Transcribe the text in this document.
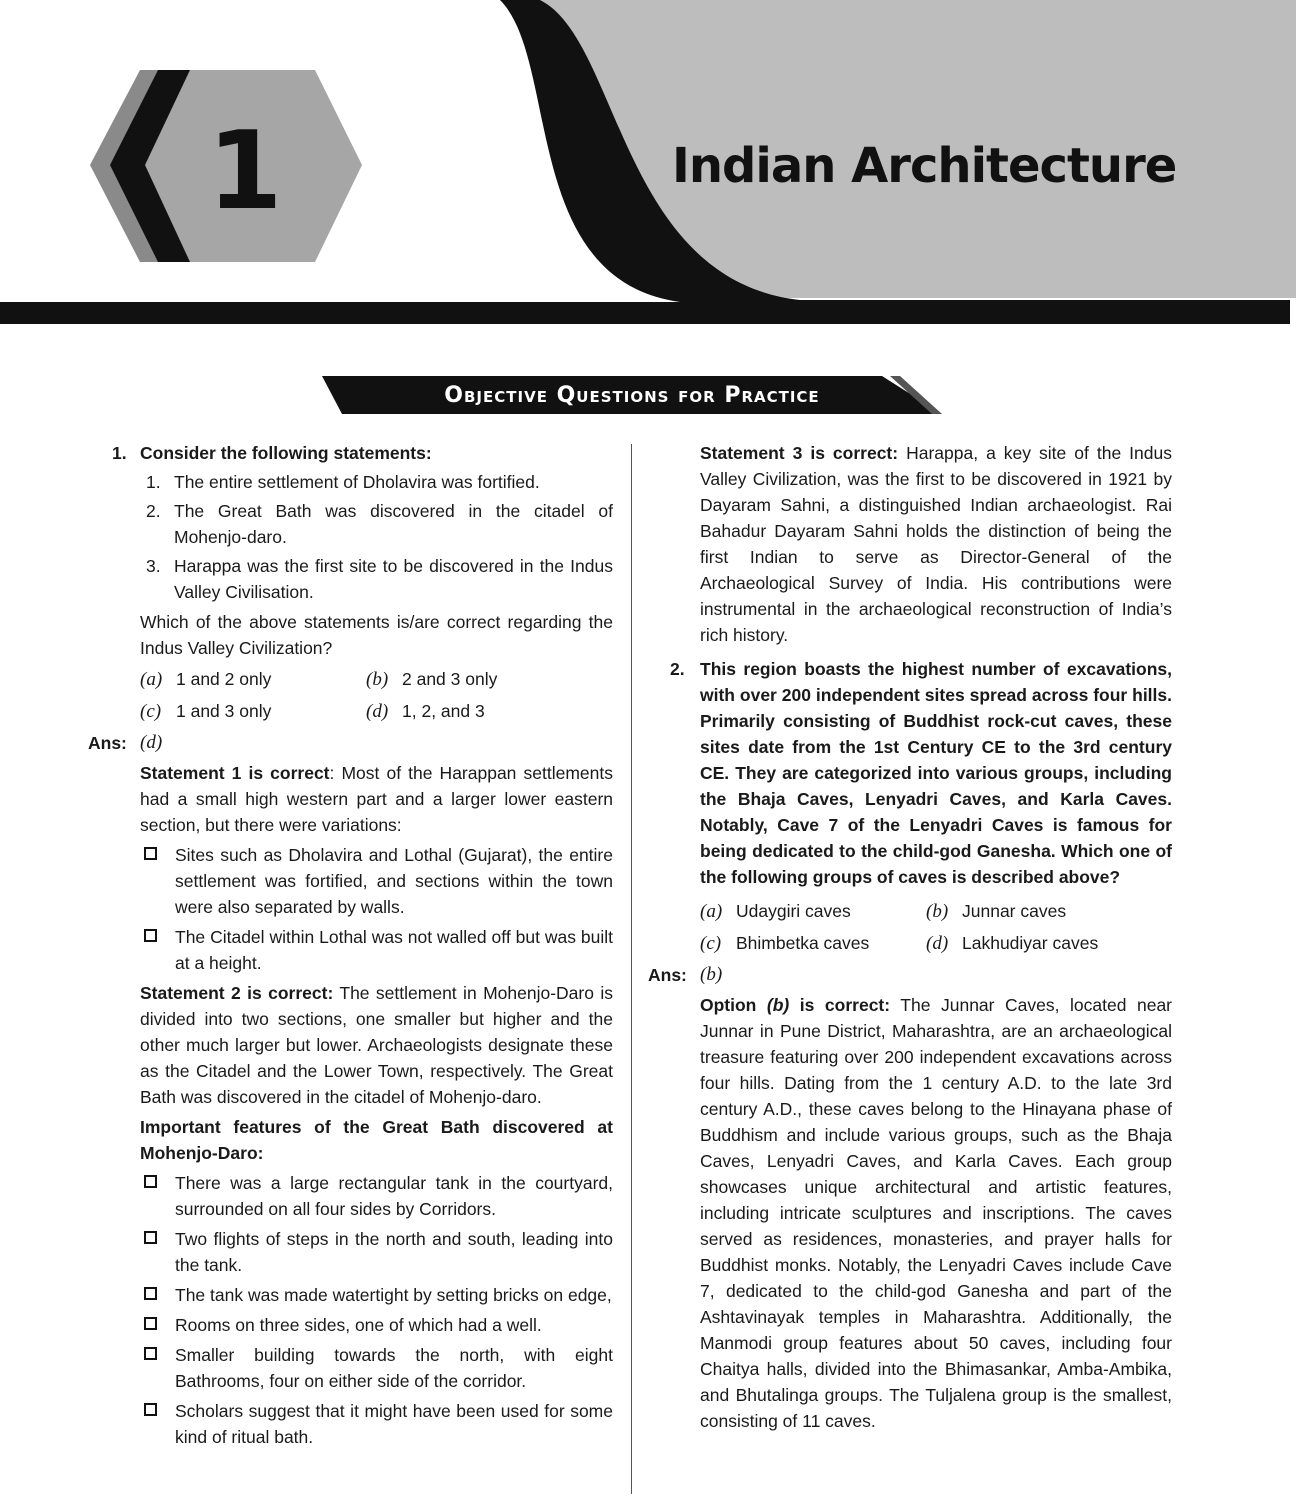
1	Indian Architecture
Objective Questions for Practice
1. Consider the following statements:
1. The entire settlement of Dholavira was fortified.
2. The Great Bath was discovered in the citadel of Mohenjo-daro.
3. Harappa was the first site to be discovered in the Indus Valley Civilisation.
Which of the above statements is/are correct regarding the Indus Valley Civilization?
(a) 1 and 2 only	(b) 2 and 3 only
(c) 1 and 3 only	(d) 1, 2, and 3
Ans: (d)
Statement 1 is correct: Most of the Harappan settlements had a small high western part and a larger lower eastern section, but there were variations:
Sites such as Dholavira and Lothal (Gujarat), the entire settlement was fortified, and sections within the town were also separated by walls.
The Citadel within Lothal was not walled off but was built at a height.
Statement 2 is correct: The settlement in Mohenjo-Daro is divided into two sections, one smaller but higher and the other much larger but lower. Archaeologists designate these as the Citadel and the Lower Town, respectively. The Great Bath was discovered in the citadel of Mohenjo-daro.
Important features of the Great Bath discovered at Mohenjo-Daro:
There was a large rectangular tank in the courtyard, surrounded on all four sides by Corridors.
Two flights of steps in the north and south, leading into the tank.
The tank was made watertight by setting bricks on edge,
Rooms on three sides, one of which had a well.
Smaller building towards the north, with eight Bathrooms, four on either side of the corridor.
Scholars suggest that it might have been used for some kind of ritual bath.
Statement 3 is correct: Harappa, a key site of the Indus Valley Civilization, was the first to be discovered in 1921 by Dayaram Sahni, a distinguished Indian archaeologist. Rai Bahadur Dayaram Sahni holds the distinction of being the first Indian to serve as Director-General of the Archaeological Survey of India. His contributions were instrumental in the archaeological reconstruction of India’s rich history.
2. This region boasts the highest number of excavations, with over 200 independent sites spread across four hills. Primarily consisting of Buddhist rock-cut caves, these sites date from the 1st Century CE to the 3rd century CE. They are categorized into various groups, including the Bhaja Caves, Lenyadri Caves, and Karla Caves. Notably, Cave 7 of the Lenyadri Caves is famous for being dedicated to the child-god Ganesha. Which one of the following groups of caves is described above?
(a) Udaygiri caves	(b) Junnar caves
(c) Bhimbetka caves	(d) Lakhudiyar caves
Ans: (b)
Option (b) is correct: The Junnar Caves, located near Junnar in Pune District, Maharashtra, are an archaeological treasure featuring over 200 independent excavations across four hills. Dating from the 1 century A.D. to the late 3rd century A.D., these caves belong to the Hinayana phase of Buddhism and include various groups, such as the Bhaja Caves, Lenyadri Caves, and Karla Caves. Each group showcases unique architectural and artistic features, including intricate sculptures and inscriptions. The caves served as residences, monasteries, and prayer halls for Buddhist monks. Notably, the Lenyadri Caves include Cave 7, dedicated to the child-god Ganesha and part of the Ashtavinayak temples in Maharashtra. Additionally, the Manmodi group features about 50 caves, including four Chaitya halls, divided into the Bhimasankar, Amba-Ambika, and Bhutalinga groups. The Tuljalena group is the smallest, consisting of 11 caves.
